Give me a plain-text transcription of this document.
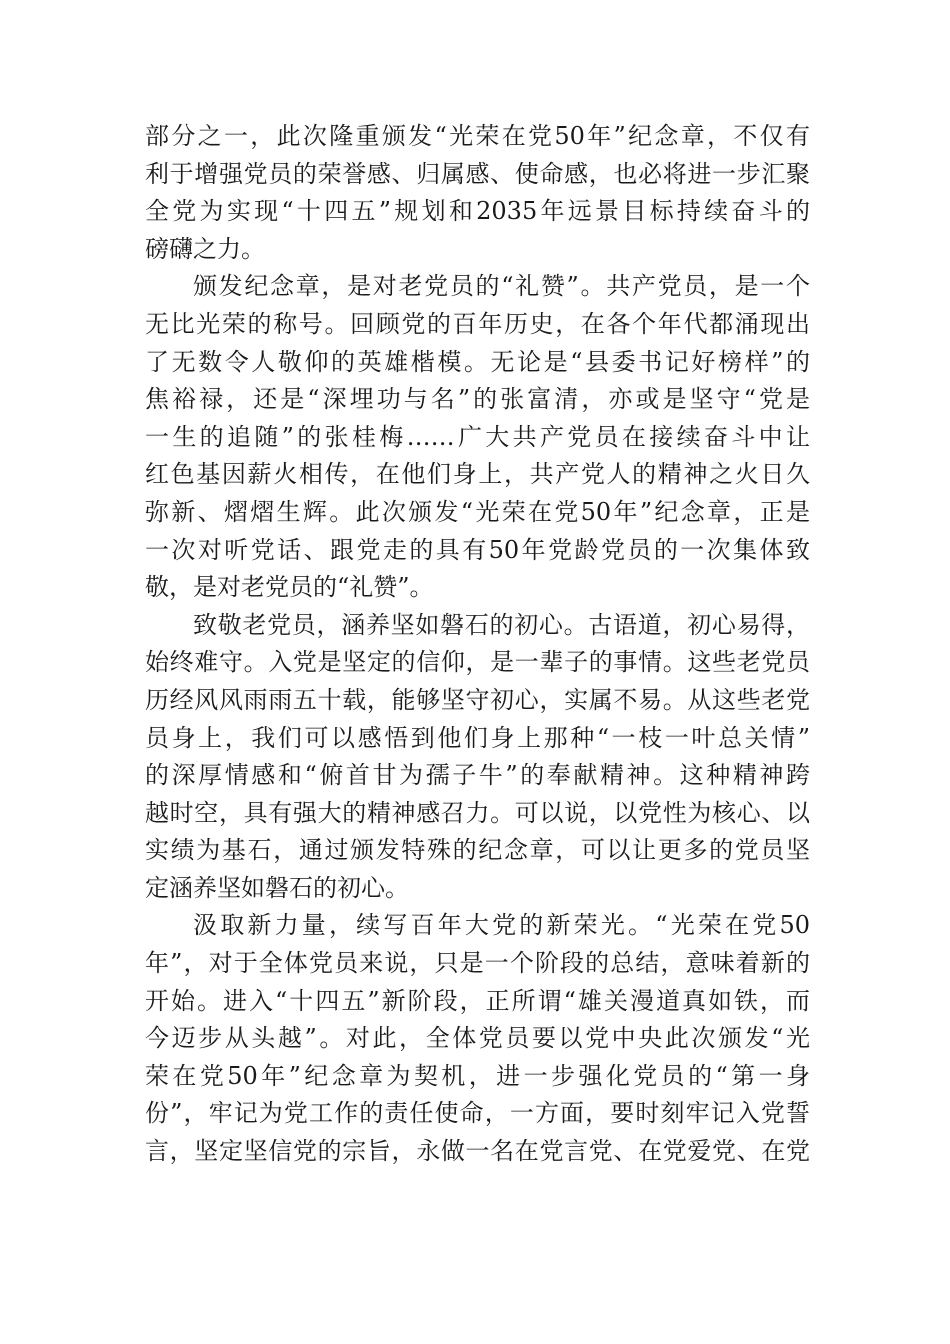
部分之一，此次隆重颁发“光荣在党50年”纪念章，不仅有
利于增强党员的荣誉感、归属感、使命感，也必将进一步汇聚
全党为实现“十四五”规划和2035年远景目标持续奋斗的
磅礴之力。
颁发纪念章，是对老党员的“礼赞”。共产党员，是一个
无比光荣的称号。回顾党的百年历史，在各个年代都涌现出
了无数令人敬仰的英雄楷模。无论是“县委书记好榜样”的
焦裕禄，还是“深埋功与名”的张富清，亦或是坚守“党是
一生的追随”的张桂梅……广大共产党员在接续奋斗中让
红色基因薪火相传，在他们身上，共产党人的精神之火日久
弥新、熠熠生辉。此次颁发“光荣在党50年”纪念章，正是
一次对听党话、跟党走的具有50年党龄党员的一次集体致
敬，是对老党员的“礼赞”。
致敬老党员，涵养坚如磐石的初心。古语道，初心易得，
始终难守。入党是坚定的信仰，是一辈子的事情。这些老党员
历经风风雨雨五十载，能够坚守初心，实属不易。从这些老党
员身上，我们可以感悟到他们身上那种“一枝一叶总关情”
的深厚情感和“俯首甘为孺子牛”的奉献精神。这种精神跨
越时空，具有强大的精神感召力。可以说，以党性为核心、以
实绩为基石，通过颁发特殊的纪念章，可以让更多的党员坚
定涵养坚如磐石的初心。
汲取新力量，续写百年大党的新荣光。“光荣在党50
年”，对于全体党员来说，只是一个阶段的总结，意味着新的
开始。进入“十四五”新阶段，正所谓“雄关漫道真如铁，而
今迈步从头越”。对此，全体党员要以党中央此次颁发“光
荣在党50年”纪念章为契机，进一步强化党员的“第一身
份”，牢记为党工作的责任使命，一方面，要时刻牢记入党誓
言，坚定坚信党的宗旨，永做一名在党言党、在党爱党、在党
